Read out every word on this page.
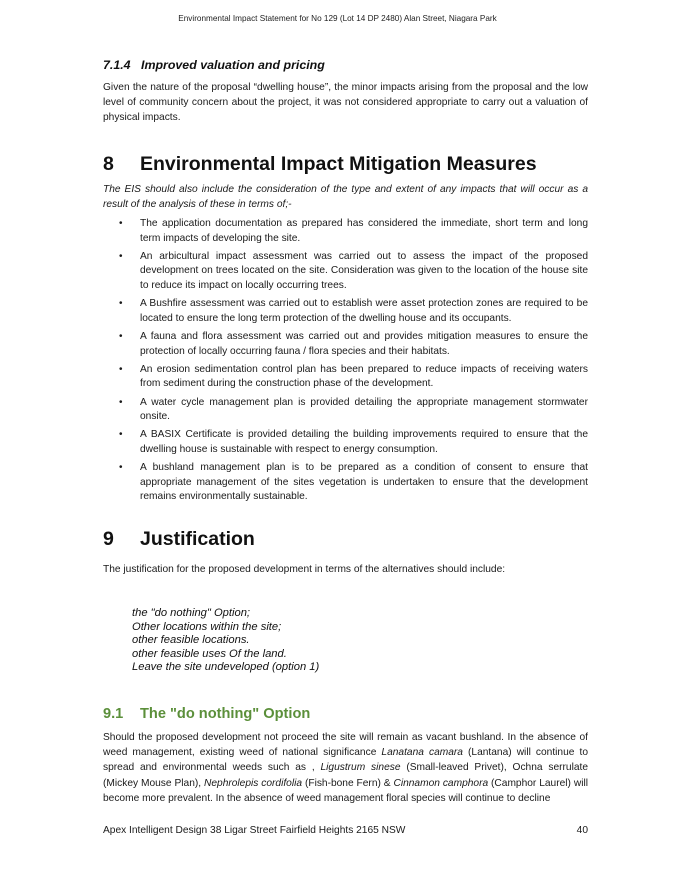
Environmental Impact Statement for No 129 (Lot 14 DP 2480) Alan Street, Niagara Park
7.1.4 Improved valuation and pricing
Given the nature of the proposal “dwelling house”, the minor impacts arising from the proposal and the low level of community concern about the project, it was not considered appropriate to carry out a valuation of physical impacts.
8 Environmental Impact Mitigation Measures
The EIS should also include the consideration of the type and extent of any impacts that will occur as a result of the analysis of these in terms of;-
• The application documentation as prepared has considered the immediate, short term and long term impacts of developing the site.
• An arbicultural impact assessment was carried out to assess the impact of the proposed development on trees located on the site. Consideration was given to the location of the house site to reduce its impact on locally occurring trees.
• A Bushfire assessment was carried out to establish were asset protection zones are required to be located to ensure the long term protection of the dwelling house and its occupants.
• A fauna and flora assessment was carried out and provides mitigation measures to ensure the protection of locally occurring fauna / flora species and their habitats.
• An erosion sedimentation control plan has been prepared to reduce impacts of receiving waters from sediment during the construction phase of the development.
• A water cycle management plan is provided detailing the appropriate management stormwater onsite.
• A BASIX Certificate is provided detailing the building improvements required to ensure that the dwelling house is sustainable with respect to energy consumption.
• A bushland management plan is to be prepared as a condition of consent to ensure that appropriate management of the sites vegetation is undertaken to ensure that the development remains environmentally sustainable.
9 Justification
The justification for the proposed development in terms of the alternatives should include:
the "do nothing" Option;
Other locations within the site;
other feasible locations.
other feasible uses Of the land.
Leave the site undeveloped (option 1)
9.1 The "do nothing" Option
Should the proposed development not proceed the site will remain as vacant bushland. In the absence of weed management, existing weed of national significance Lanatana camara (Lantana) will continue to spread and environmental weeds such as , Ligustrum sinese (Small-leaved Privet), Ochna serrulate (Mickey Mouse Plan), Nephrolepis cordifolia (Fish-bone Fern) & Cinnamon camphora (Camphor Laurel) will become more prevalent. In the absence of weed management floral species will continue to decline
Apex Intelligent Design 38 Ligar Street Fairfield Heights 2165 NSW	40
